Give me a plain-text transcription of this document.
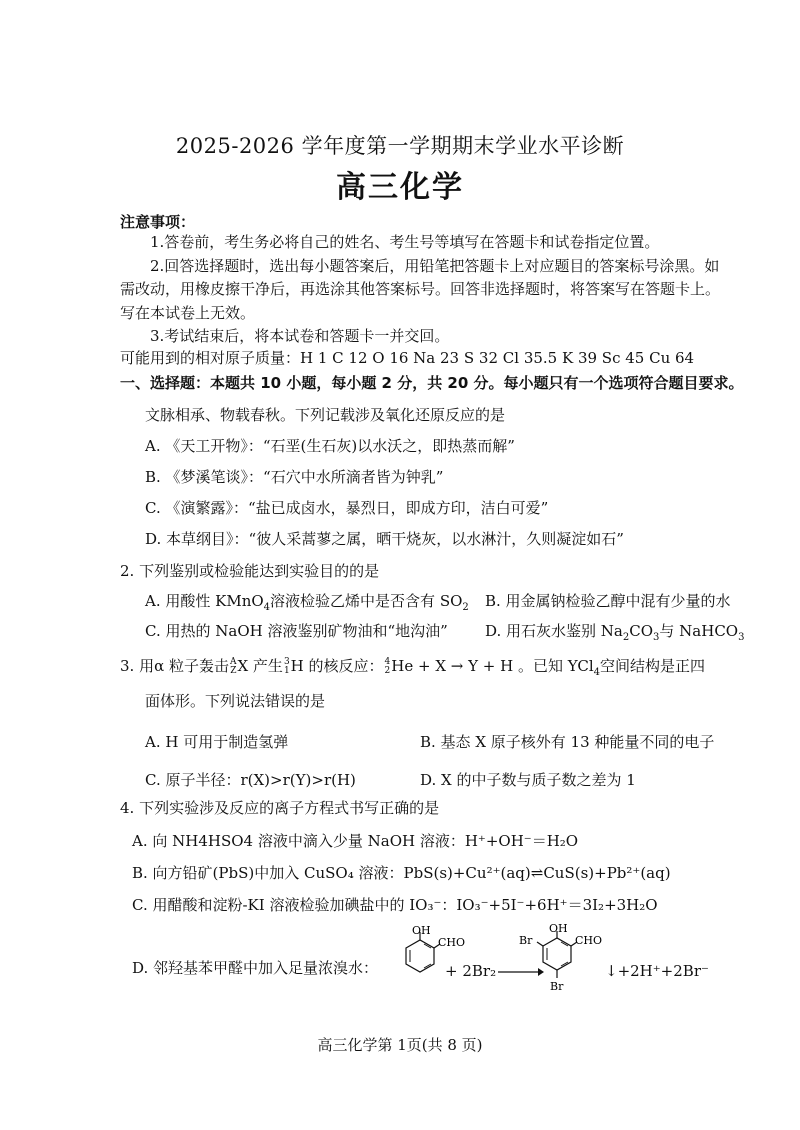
2025-2026 学年度第一学期期末学业水平诊断
高三化学
注意事项：
1.答卷前，考生务必将自己的姓名、考生号等填写在答题卡和试卷指定位置。
2.回答选择题时，选出每小题答案后，用铅笔把答题卡上对应题目的答案标号涂黑。如
需改动，用橡皮擦干净后，再选涂其他答案标号。回答非选择题时，将答案写在答题卡上。
写在本试卷上无效。
3.考试结束后，将本试卷和答题卡一并交回。
可能用到的相对原子质量：H 1 C 12 O 16 Na 23 S 32 Cl 35.5 K 39 Sc 45 Cu 64
一、选择题：本题共 10 小题，每小题 2 分，共 20 分。每小题只有一个选项符合题目要求。
文脉相承、物载春秋。下列记载涉及氧化还原反应的是
A. 《天工开物》：“石垩(生石灰)以水沃之，即热蒸而解”
B. 《梦溪笔谈》：“石穴中水所滴者皆为钟乳”
C. 《演繁露》：“盐已成卤水，暴烈日，即成方印，洁白可爱”
D. 本草纲目》：“彼人采蒿蓼之属，晒干烧灰，以水淋汁，久则凝淀如石”
2. 下列鉴别或检验能达到实验目的的是
A. 用酸性 KMnO$_4$溶液检验乙烯中是否含有 $SO_2$ B. 用金属钠检验乙醇中混有少量的水
C. 用热的 NaOH 溶液鉴别矿物油和“地沟油” D. 用石灰水鉴别 $Na_2CO_3$与 NaHCO$_3$
3. 用α 粒子轰击A
ZX 产生3
1H 的核反应：4
2He + X → Y + H 。已知 YCl$_4$空间结构是正四
面体形。下列说法错误的是
A. H 可用于制造氢弹	B. 基态 X 原子核外有 13 种能量不同的电子
C. 原子半径：r(X)>r(Y)>r(H)	D. X 的中子数与质子数之差为 1
4. 下列实验涉及反应的离子方程式书写正确的是
A. 向 NH4HSO4 溶液中滴入少量 NaOH 溶液：H⁺+OH⁻＝H₂O
B. 向方铅矿(PbS)中加入 CuSO₄ 溶液：PbS(s)+Cu²⁺(aq)⇌CuS(s)+Pb²⁺(aq)
C. 用醋酸和淀粉-KI 溶液检验加碘盐中的 IO₃⁻：IO₃⁻+5I⁻+6H⁺＝3I₂+3H₂O
D. 邻羟基苯甲醛中加入足量浓溴水：
OH
CHO
+ 2Br₂ →
OH
Br	CHO
Br
↓+2H⁺+2Br⁻
高三化学第 1页(共 8 页)
